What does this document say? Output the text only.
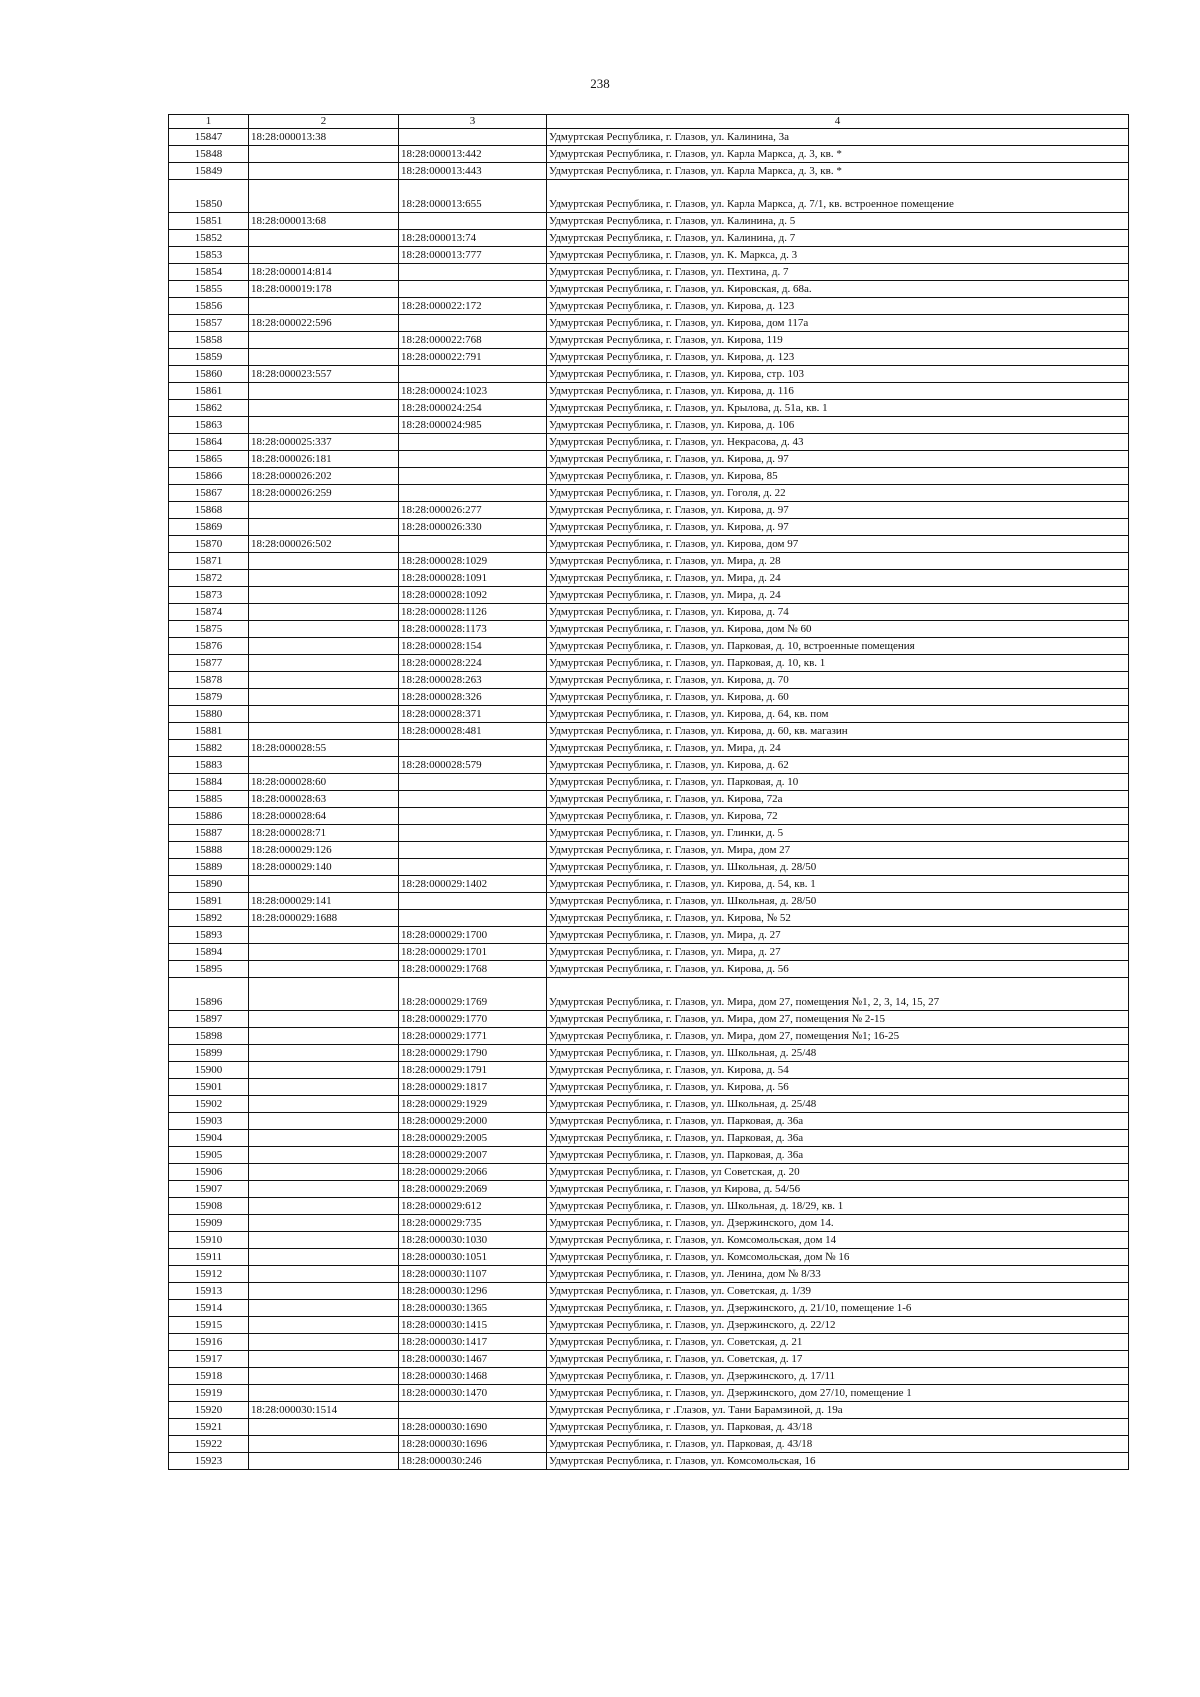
238
1	2	3	4
15847	18:28:000013:38		Удмуртская Республика, г. Глазов, ул. Калинина, 3а
15848		18:28:000013:442	Удмуртская Республика, г. Глазов, ул. Карла Маркса, д. 3, кв. *
15849		18:28:000013:443	Удмуртская Республика, г. Глазов, ул. Карла Маркса, д. 3, кв. *
15850		18:28:000013:655	Удмуртская Республика, г. Глазов, ул. Карла Маркса, д. 7/1, кв. встроенное помещение
15851	18:28:000013:68		Удмуртская Республика, г. Глазов, ул. Калинина, д. 5
15852		18:28:000013:74	Удмуртская Республика, г. Глазов, ул. Калинина, д. 7
15853		18:28:000013:777	Удмуртская Республика, г. Глазов, ул. К. Маркса, д. 3
15854	18:28:000014:814		Удмуртская Республика, г. Глазов, ул. Пехтина, д. 7
15855	18:28:000019:178		Удмуртская Республика, г. Глазов, ул. Кировская, д. 68а.
15856		18:28:000022:172	Удмуртская Республика, г. Глазов, ул. Кирова, д. 123
15857	18:28:000022:596		Удмуртская Республика, г. Глазов, ул. Кирова, дом 117а
15858		18:28:000022:768	Удмуртская Республика, г. Глазов, ул. Кирова, 119
15859		18:28:000022:791	Удмуртская Республика, г. Глазов, ул. Кирова, д. 123
15860	18:28:000023:557		Удмуртская Республика, г. Глазов, ул. Кирова, стр. 103
15861		18:28:000024:1023	Удмуртская Республика, г. Глазов, ул. Кирова, д. 116
15862		18:28:000024:254	Удмуртская Республика, г. Глазов, ул. Крылова, д. 51а, кв. 1
15863		18:28:000024:985	Удмуртская Республика, г. Глазов, ул. Кирова, д. 106
15864	18:28:000025:337		Удмуртская Республика, г. Глазов, ул. Некрасова, д. 43
15865	18:28:000026:181		Удмуртская Республика, г. Глазов, ул. Кирова, д. 97
15866	18:28:000026:202		Удмуртская Республика, г. Глазов, ул. Кирова, 85
15867	18:28:000026:259		Удмуртская Республика, г. Глазов, ул. Гоголя, д. 22
15868		18:28:000026:277	Удмуртская Республика, г. Глазов, ул. Кирова, д. 97
15869		18:28:000026:330	Удмуртская Республика, г. Глазов, ул. Кирова, д. 97
15870	18:28:000026:502		Удмуртская Республика, г. Глазов, ул. Кирова, дом 97
15871		18:28:000028:1029	Удмуртская Республика, г. Глазов, ул. Мира, д. 28
15872		18:28:000028:1091	Удмуртская Республика, г. Глазов, ул. Мира, д. 24
15873		18:28:000028:1092	Удмуртская Республика, г. Глазов, ул. Мира, д. 24
15874		18:28:000028:1126	Удмуртская Республика, г. Глазов, ул. Кирова, д. 74
15875		18:28:000028:1173	Удмуртская Республика, г. Глазов, ул. Кирова, дом № 60
15876		18:28:000028:154	Удмуртская Республика, г. Глазов, ул. Парковая, д. 10, встроенные помещения
15877		18:28:000028:224	Удмуртская Республика, г. Глазов, ул. Парковая, д. 10, кв. 1
15878		18:28:000028:263	Удмуртская Республика, г. Глазов, ул. Кирова, д. 70
15879		18:28:000028:326	Удмуртская Республика, г. Глазов, ул. Кирова, д. 60
15880		18:28:000028:371	Удмуртская Республика, г. Глазов, ул. Кирова, д. 64, кв. пом
15881		18:28:000028:481	Удмуртская Республика, г. Глазов, ул. Кирова, д. 60, кв. магазин
15882	18:28:000028:55		Удмуртская Республика, г. Глазов, ул. Мира, д. 24
15883		18:28:000028:579	Удмуртская Республика, г. Глазов, ул. Кирова, д. 62
15884	18:28:000028:60		Удмуртская Республика, г. Глазов, ул. Парковая, д. 10
15885	18:28:000028:63		Удмуртская Республика, г. Глазов, ул. Кирова, 72а
15886	18:28:000028:64		Удмуртская Республика, г. Глазов, ул. Кирова, 72
15887	18:28:000028:71		Удмуртская Республика, г. Глазов, ул. Глинки, д. 5
15888	18:28:000029:126		Удмуртская Республика, г. Глазов, ул. Мира, дом 27
15889	18:28:000029:140		Удмуртская Республика, г. Глазов, ул. Школьная, д. 28/50
15890		18:28:000029:1402	Удмуртская Республика, г. Глазов, ул. Кирова, д. 54, кв. 1
15891	18:28:000029:141		Удмуртская Республика, г. Глазов, ул. Школьная, д. 28/50
15892	18:28:000029:1688		Удмуртская Республика, г. Глазов, ул. Кирова, № 52
15893		18:28:000029:1700	Удмуртская Республика, г. Глазов, ул. Мира, д. 27
15894		18:28:000029:1701	Удмуртская Республика, г. Глазов, ул. Мира, д. 27
15895		18:28:000029:1768	Удмуртская Республика, г. Глазов, ул. Кирова, д. 56
15896		18:28:000029:1769	Удмуртская Республика, г. Глазов, ул. Мира, дом 27, помещения №1, 2, 3, 14, 15, 27
15897		18:28:000029:1770	Удмуртская Республика, г. Глазов, ул. Мира, дом 27, помещения № 2-15
15898		18:28:000029:1771	Удмуртская Республика, г. Глазов, ул. Мира, дом 27, помещения №1; 16-25
15899		18:28:000029:1790	Удмуртская Республика, г. Глазов, ул. Школьная, д. 25/48
15900		18:28:000029:1791	Удмуртская Республика, г. Глазов, ул. Кирова, д. 54
15901		18:28:000029:1817	Удмуртская Республика, г. Глазов, ул. Кирова, д. 56
15902		18:28:000029:1929	Удмуртская Республика, г. Глазов, ул. Школьная, д. 25/48
15903		18:28:000029:2000	Удмуртская Республика, г. Глазов, ул. Парковая, д. 36а
15904		18:28:000029:2005	Удмуртская Республика, г. Глазов, ул. Парковая, д. 36а
15905		18:28:000029:2007	Удмуртская Республика, г. Глазов, ул. Парковая, д. 36а
15906		18:28:000029:2066	Удмуртская Республика, г. Глазов, ул Советская, д. 20
15907		18:28:000029:2069	Удмуртская Республика, г. Глазов, ул Кирова, д. 54/56
15908		18:28:000029:612	Удмуртская Республика, г. Глазов, ул. Школьная, д. 18/29, кв. 1
15909		18:28:000029:735	Удмуртская Республика, г. Глазов, ул. Дзержинского, дом 14.
15910		18:28:000030:1030	Удмуртская Республика, г. Глазов, ул. Комсомольская, дом 14
15911		18:28:000030:1051	Удмуртская Республика, г. Глазов, ул. Комсомольская, дом № 16
15912		18:28:000030:1107	Удмуртская Республика, г. Глазов, ул. Ленина, дом № 8/33
15913		18:28:000030:1296	Удмуртская Республика, г. Глазов, ул. Советская, д. 1/39
15914		18:28:000030:1365	Удмуртская Республика, г. Глазов, ул. Дзержинского, д. 21/10, помещение 1-6
15915		18:28:000030:1415	Удмуртская Республика, г. Глазов, ул. Дзержинского, д. 22/12
15916		18:28:000030:1417	Удмуртская Республика, г. Глазов, ул. Советская, д. 21
15917		18:28:000030:1467	Удмуртская Республика, г. Глазов, ул. Советская, д. 17
15918		18:28:000030:1468	Удмуртская Республика, г. Глазов, ул. Дзержинского, д. 17/11
15919		18:28:000030:1470	Удмуртская Республика, г. Глазов, ул. Дзержинского, дом 27/10, помещение 1
15920	18:28:000030:1514		Удмуртская Республика, г .Глазов, ул. Тани Барамзиной, д. 19а
15921		18:28:000030:1690	Удмуртская Республика, г. Глазов, ул. Парковая, д. 43/18
15922		18:28:000030:1696	Удмуртская Республика, г. Глазов, ул. Парковая, д. 43/18
15923		18:28:000030:246	Удмуртская Республика, г. Глазов, ул. Комсомольская, 16
